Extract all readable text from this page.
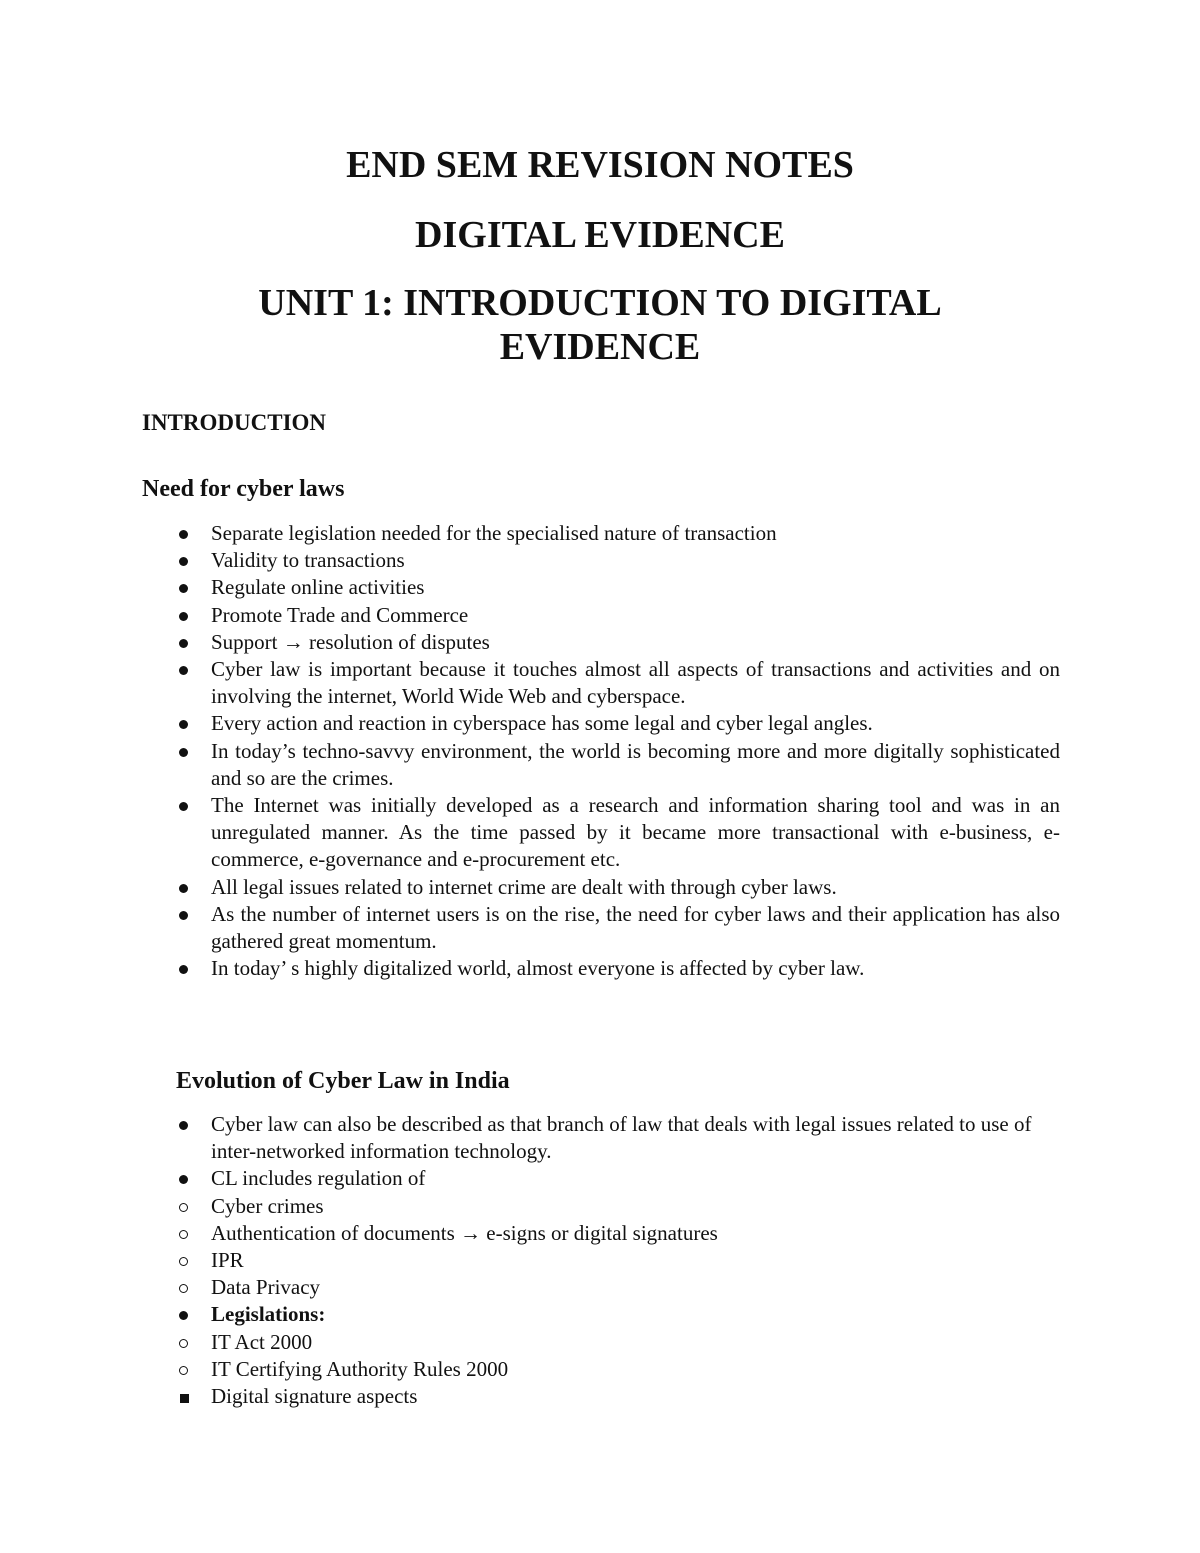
END SEM REVISION NOTES
DIGITAL EVIDENCE
UNIT 1: INTRODUCTION TO DIGITAL
EVIDENCE
INTRODUCTION
Need for cyber laws
Separate legislation needed for the specialised nature of transaction
Validity to transactions
Regulate online activities
Promote Trade and Commerce
Support → resolution of disputes
Cyber law is important because it touches almost all aspects of transactions and activities and on involving the internet, World Wide Web and cyberspace.
Every action and reaction in cyberspace has some legal and cyber legal angles.
In today’s techno-savvy environment, the world is becoming more and more digitally sophisticated and so are the crimes.
The Internet was initially developed as a research and information sharing tool and was in an unregulated manner. As the time passed by it became more transactional with e-business, e-commerce, e-governance and e-procurement etc.
All legal issues related to internet crime are dealt with through cyber laws.
As the number of internet users is on the rise, the need for cyber laws and their application has also gathered great momentum.
In today’ s highly digitalized world, almost everyone is affected by cyber law.
Evolution of Cyber Law in India
Cyber law can also be described as that branch of law that deals with legal issues related to use of inter-networked information technology.
CL includes regulation of
Cyber crimes
Authentication of documents → e-signs or digital signatures
IPR
Data Privacy
Legislations:
IT Act 2000
IT Certifying Authority Rules 2000
Digital signature aspects
